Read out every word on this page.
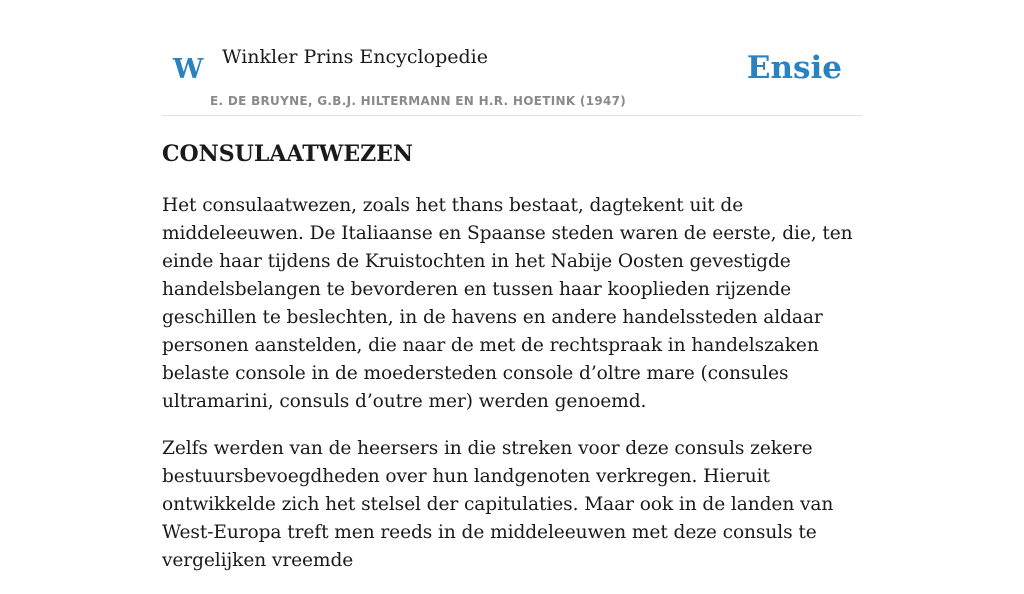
W Winkler Prins Encyclopedie	Ensie
E. DE BRUYNE, G.B.J. HILTERMANN EN H.R. HOETINK (1947)
CONSULAATWEZEN

Het consulaatwezen, zoals het thans bestaat, dagtekent uit de middeleeuwen. De Italiaanse en Spaanse steden waren de eerste, die, ten einde haar tijdens de Kruistochten in het Nabije Oosten gevestigde handelsbelangen te bevorderen en tussen haar kooplieden rijzende geschillen te beslechten, in de havens en andere handelssteden aldaar personen aanstelden, die naar de met de rechtspraak in handelszaken belaste console in de moedersteden console d’oltre mare (consules ultramarini, consuls d’outre mer) werden genoemd.

Zelfs werden van de heersers in die streken voor deze consuls zekere bestuursbevoegdheden over hun landgenoten verkregen. Hieruit ontwikkelde zich het stelsel der capitulaties. Maar ook in de landen van West-Europa treft men reeds in de middeleeuwen met deze consuls te vergelijken vreemde
